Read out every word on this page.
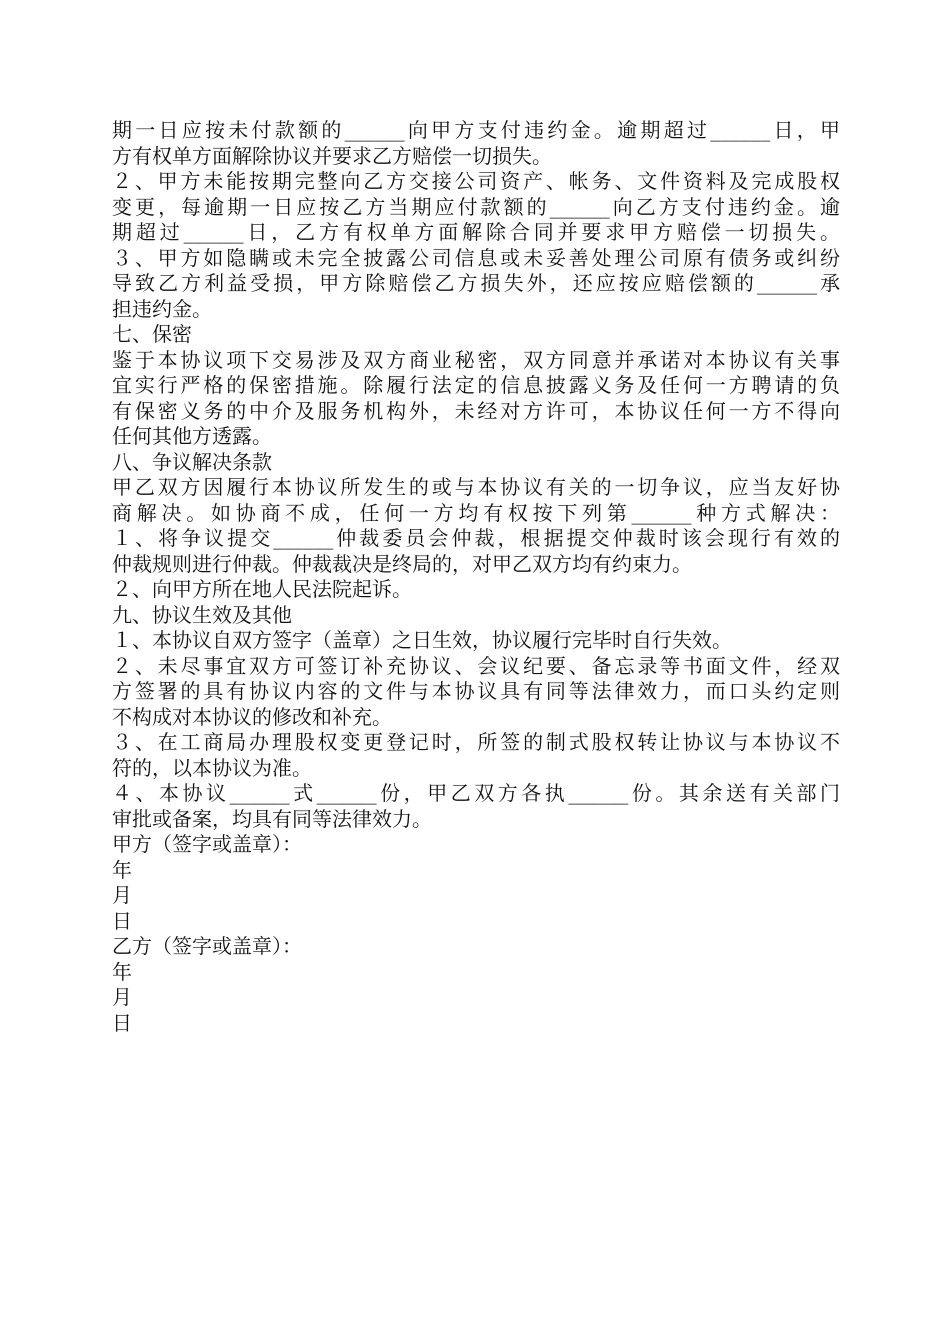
期一日应按未付款额的______向甲方支付违约金。逾期超过______日，甲
方有权单方面解除协议并要求乙方赔偿一切损失。
２、甲方未能按期完整向乙方交接公司资产、帐务、文件资料及完成股权
变更，每逾期一日应按乙方当期应付款额的______向乙方支付违约金。逾
期超过______日，乙方有权单方面解除合同并要求甲方赔偿一切损失。
３、甲方如隐瞒或未完全披露公司信息或未妥善处理公司原有债务或纠纷
导致乙方利益受损，甲方除赔偿乙方损失外，还应按应赔偿额的______承
担违约金。
七、保密
鉴于本协议项下交易涉及双方商业秘密，双方同意并承诺对本协议有关事
宜实行严格的保密措施。除履行法定的信息披露义务及任何一方聘请的负
有保密义务的中介及服务机构外，未经对方许可，本协议任何一方不得向
任何其他方透露。
八、争议解决条款
甲乙双方因履行本协议所发生的或与本协议有关的一切争议，应当友好协
商解决。如协商不成，任何一方均有权按下列第______种方式解决：
１、将争议提交______仲裁委员会仲裁，根据提交仲裁时该会现行有效的
仲裁规则进行仲裁。仲裁裁决是终局的，对甲乙双方均有约束力。
２、向甲方所在地人民法院起诉。
九、协议生效及其他
１、本协议自双方签字（盖章）之日生效，协议履行完毕时自行失效。
２、未尽事宜双方可签订补充协议、会议纪要、备忘录等书面文件，经双
方签署的具有协议内容的文件与本协议具有同等法律效力，而口头约定则
不构成对本协议的修改和补充。
３、在工商局办理股权变更登记时，所签的制式股权转让协议与本协议不
符的，以本协议为准。
４、本协议______式______份，甲乙双方各执______份。其余送有关部门
审批或备案，均具有同等法律效力。
甲方（签字或盖章）：
年
月
日
乙方（签字或盖章）：
年
月
日
